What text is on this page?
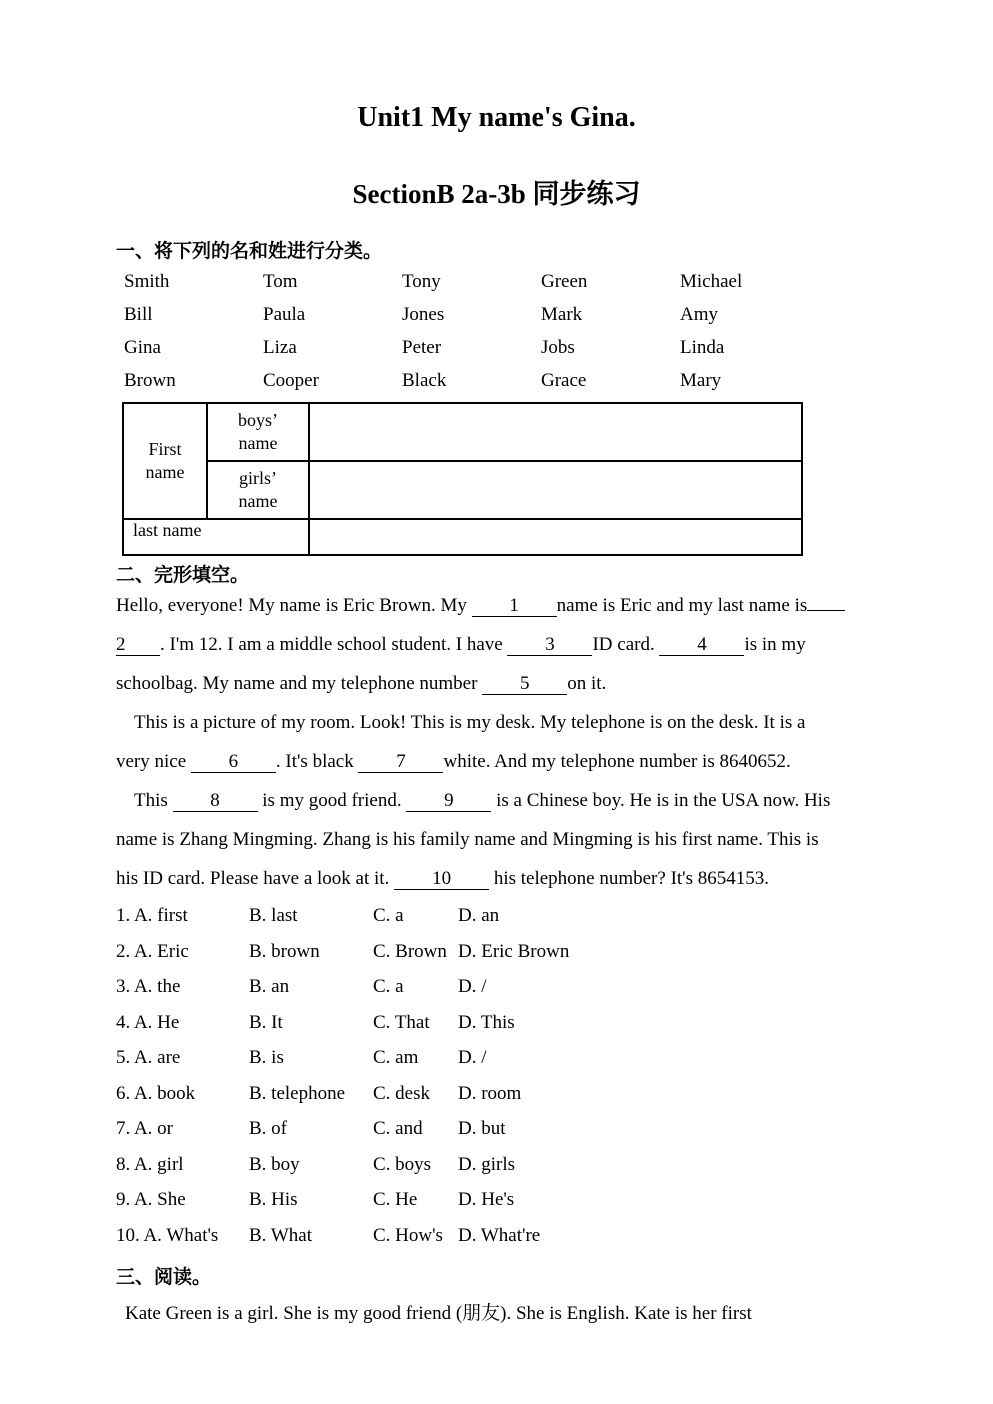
Unit1 My name's Gina.
SectionB 2a-3b 同步练习
一、将下列的名和姓进行分类。
Smith	Tom	Tony	Green	Michael
Bill	Paula	Jones	Mark	Amy
Gina	Liza	Peter	Jobs	Linda
Brown	Cooper	Black	Grace	Mary
First name	boys’ name	
	girls’ name	
last name		
二、完形填空。
Hello, everyone! My name is Eric Brown. My 1 name is Eric and my last name is
2 . I'm 12. I am a middle school student. I have 3 ID card. 4 is in my
schoolbag. My name and my telephone number 5 on it.
This is a picture of my room. Look! This is my desk. My telephone is on the desk. It is a
very nice 6 . It's black 7 white. And my telephone number is 8640652.
This 8 is my good friend. 9 is a Chinese boy. He is in the USA now. His
name is Zhang Mingming. Zhang is his family name and Mingming is his first name. This is
his ID card. Please have a look at it. 10 his telephone number? It's 8654153.
1. A. first	B. last	C. a	D. an
2. A. Eric	B. brown	C. Brown D. Eric Brown
3. A. the	B. an	C. a	D. /
4. A. He	B. It	C. That D. This
5. A. are	B. is	C. am D. /
6. A. book	B. telephone C. desk D. room
7. A. or	B. of	C. and D. but
8. A. girl	B. boy	C. boys D. girls
9. A. She	B. His	C. He D. He's
10. A. What's B. What	C. How's D. What're
三、阅读。
Kate Green is a girl. She is my good friend (朋友). She is English. Kate is her first
